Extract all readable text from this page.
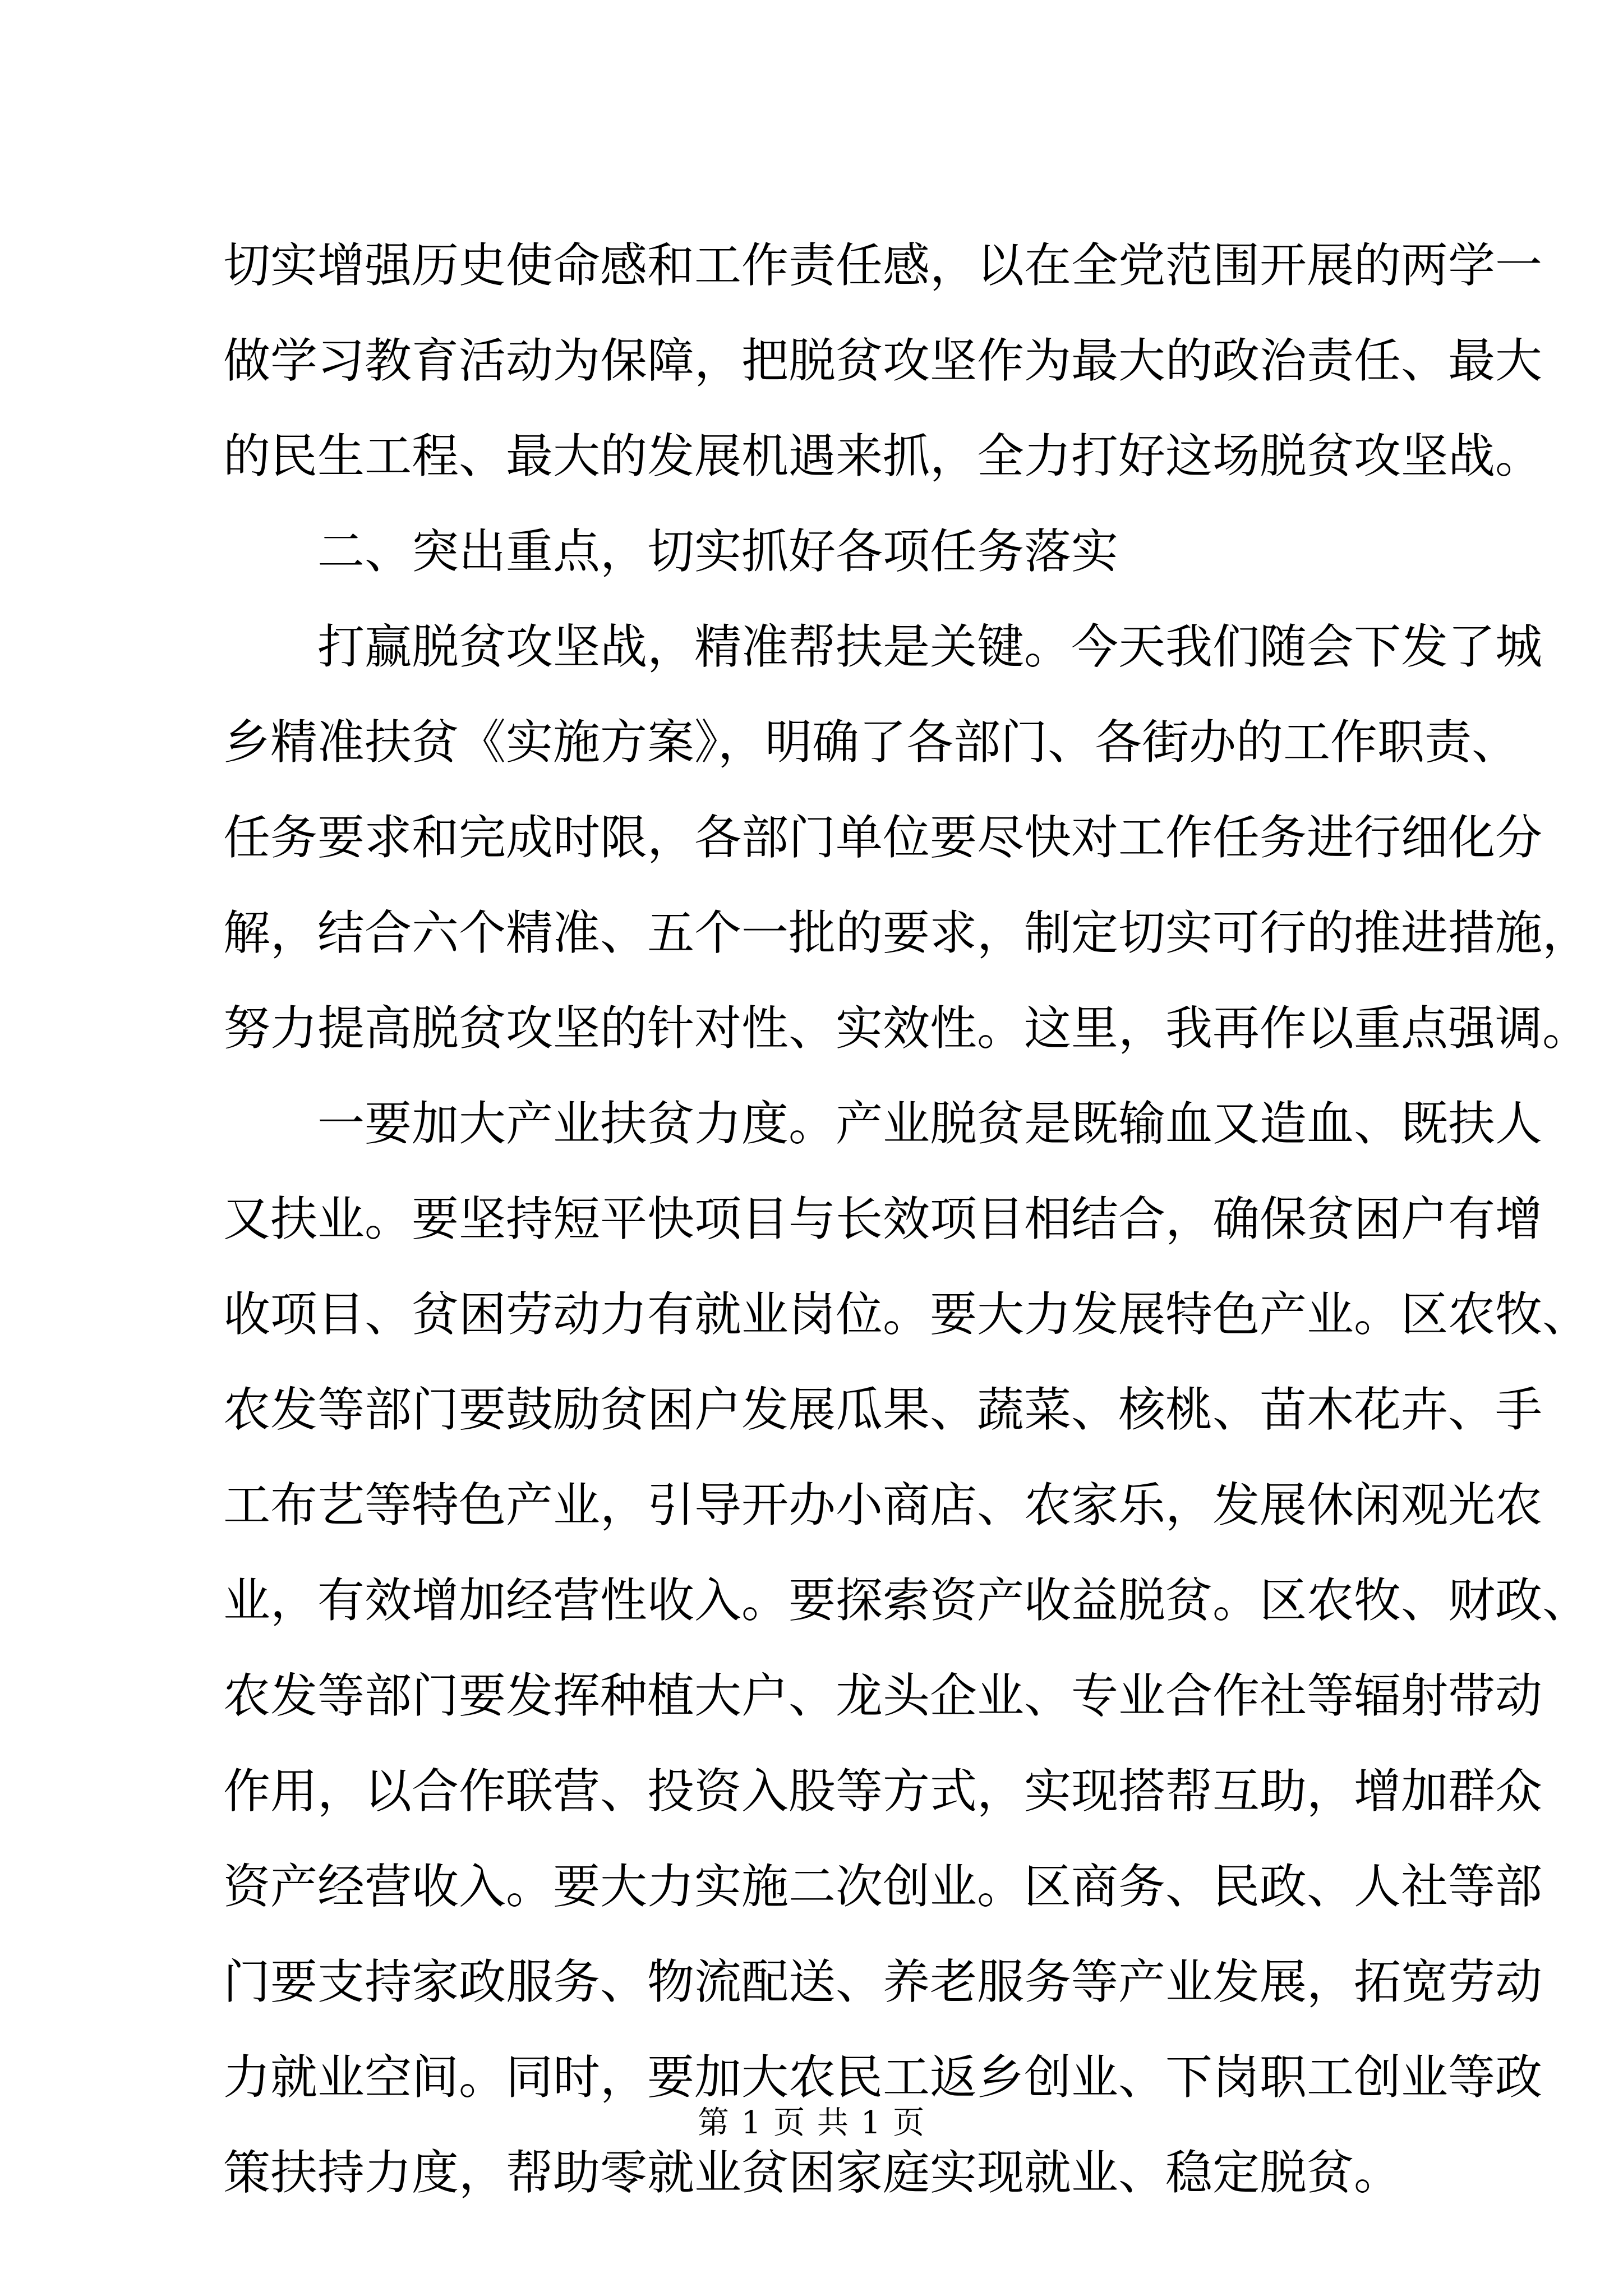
切实增强历史使命感和工作责任感，以在全党范围开展的两学一
做学习教育活动为保障，把脱贫攻坚作为最大的政治责任、最大
的民生工程、最大的发展机遇来抓，全力打好这场脱贫攻坚战。
二、突出重点，切实抓好各项任务落实
打赢脱贫攻坚战，精准帮扶是关键。今天我们随会下发了城
乡精准扶贫《实施方案》，明确了各部门、各街办的工作职责、
任务要求和完成时限，各部门单位要尽快对工作任务进行细化分
解，结合六个精准、五个一批的要求，制定切实可行的推进措施，
努力提高脱贫攻坚的针对性、实效性。这里，我再作以重点强调。
一要加大产业扶贫力度。产业脱贫是既输血又造血、既扶人
又扶业。要坚持短平快项目与长效项目相结合，确保贫困户有增
收项目、贫困劳动力有就业岗位。要大力发展特色产业。区农牧、
农发等部门要鼓励贫困户发展瓜果、蔬菜、核桃、苗木花卉、手
工布艺等特色产业，引导开办小商店、农家乐，发展休闲观光农
业，有效增加经营性收入。要探索资产收益脱贫。区农牧、财政、
农发等部门要发挥种植大户、龙头企业、专业合作社等辐射带动
作用，以合作联营、投资入股等方式，实现搭帮互助，增加群众
资产经营收入。要大力实施二次创业。区商务、民政、人社等部
门要支持家政服务、物流配送、养老服务等产业发展，拓宽劳动
力就业空间。同时，要加大农民工返乡创业、下岗职工创业等政
策扶持力度，帮助零就业贫困家庭实现就业、稳定脱贫。
第 1 页 共 1 页
